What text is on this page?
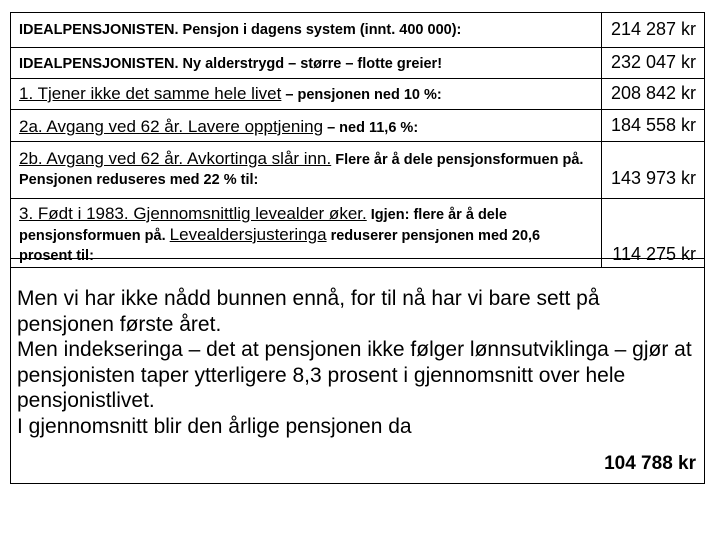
IDEALPENSJONISTEN. Pensjon i dagens system (innt. 400 000):	214 287 kr
IDEALPENSJONISTEN. Ny alderstrygd – større – flotte greier!	232 047 kr
1. Tjener ikke det samme hele livet – pensjonen ned 10 %:	208 842 kr
2a. Avgang ved 62 år. Lavere opptjening – ned 11,6 %:	184 558 kr
2b. Avgang ved 62 år. Avkortinga slår inn. Flere år å dele pensjonsformuen på. Pensjonen reduseres med 22 % til:	143 973 kr
3. Født i 1983. Gjennomsnittlig levealder øker. Igjen: flere år å dele pensjonsformuen på. Levealdersjusteringa reduserer pensjonen med 20,6 prosent til:	114 275 kr

Men vi har ikke nådd bunnen ennå, for til nå har vi bare sett på pensjonen første året.

Men indekseringa – det at pensjonen ikke følger lønnsutviklinga – gjør at pensjonisten taper ytterligere 8,3 prosent i gjennomsnitt over hele pensjonistlivet.

I gjennomsnitt blir den årlige pensjonen da

104 788 kr
